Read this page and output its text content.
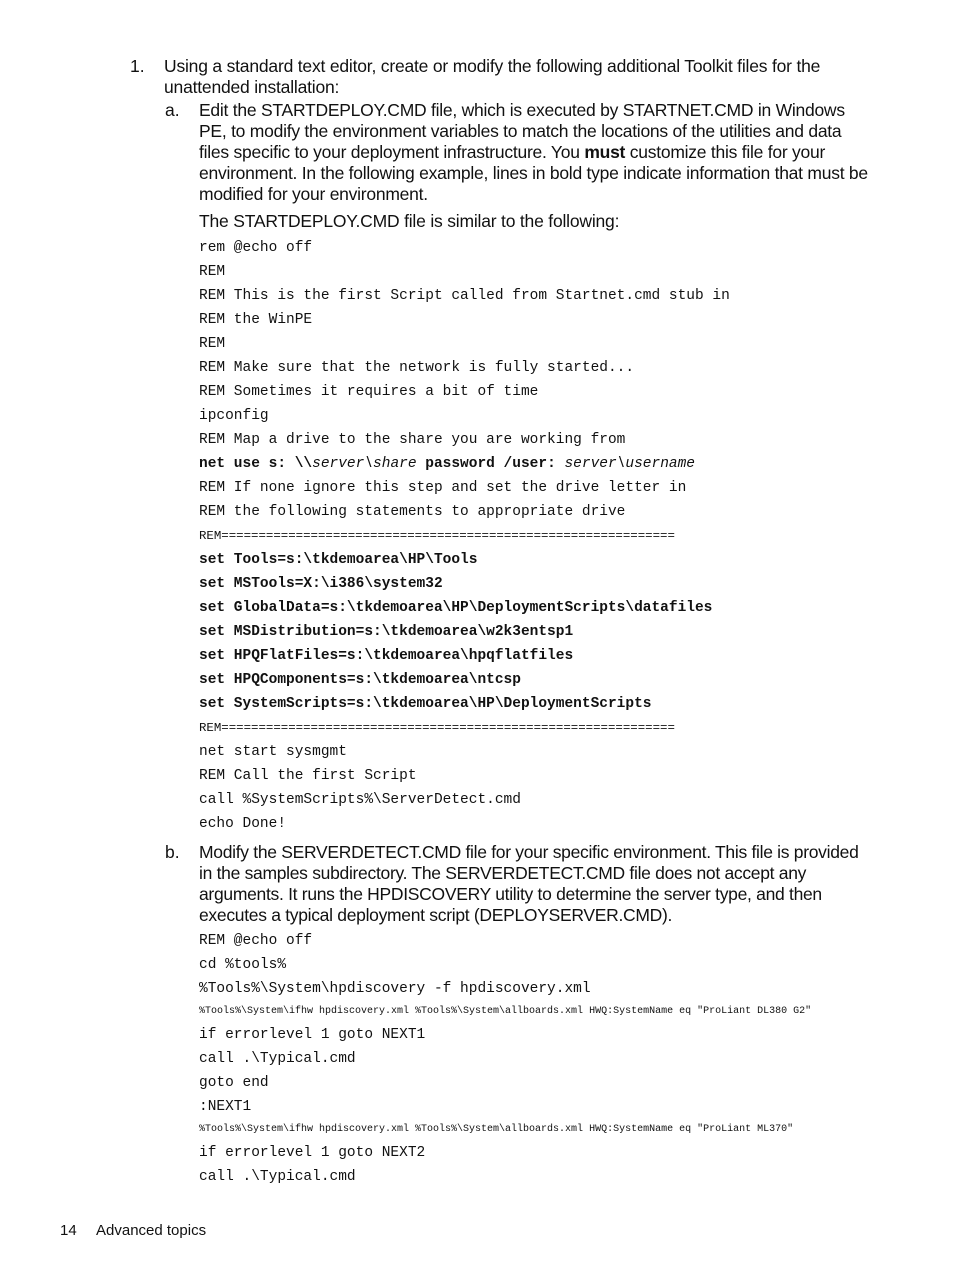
1. Using a standard text editor, create or modify the following additional Toolkit files for the unattended installation:
a. Edit the STARTDEPLOY.CMD file, which is executed by STARTNET.CMD in Windows PE, to modify the environment variables to match the locations of the utilities and data files specific to your deployment infrastructure. You must customize this file for your environment. In the following example, lines in bold type indicate information that must be modified for your environment.
The STARTDEPLOY.CMD file is similar to the following:
rem @echo off
REM
REM This is the first Script called from Startnet.cmd stub in
REM the WinPE
REM
REM Make sure that the network is fully started...
REM Sometimes it requires a bit of time
ipconfig
REM Map a drive to the share you are working from
net use s: \\server\share password /user: server\username
REM If none ignore this step and set the drive letter in
REM the following statements to appropriate drive
REM=============================================================
set Tools=s:\tkdemoarea\HP\Tools
set MSTools=X:\i386\system32
set GlobalData=s:\tkdemoarea\HP\DeploymentScripts\datafiles
set MSDistribution=s:\tkdemoarea\w2k3entsp1
set HPQFlatFiles=s:\tkdemoarea\hpqflatfiles
set HPQComponents=s:\tkdemoarea\ntcsp
set SystemScripts=s:\tkdemoarea\HP\DeploymentScripts
REM=============================================================
net start sysmgmt
REM Call the first Script
call %SystemScripts%\ServerDetect.cmd
echo Done!
b. Modify the SERVERDETECT.CMD file for your specific environment. This file is provided in the samples subdirectory. The SERVERDETECT.CMD file does not accept any arguments. It runs the HPDISCOVERY utility to determine the server type, and then executes a typical deployment script (DEPLOYSERVER.CMD).
REM @echo off
cd %tools%
%Tools%\System\hpdiscovery -f hpdiscovery.xml
%Tools%\System\ifhw hpdiscovery.xml %Tools%\System\allboards.xml HWQ:SystemName eq "ProLiant DL380 G2"
if errorlevel 1 goto NEXT1
call .\Typical.cmd
goto end
:NEXT1
%Tools%\System\ifhw hpdiscovery.xml %Tools%\System\allboards.xml HWQ:SystemName eq "ProLiant ML370"
if errorlevel 1 goto NEXT2
call .\Typical.cmd
14 Advanced topics
